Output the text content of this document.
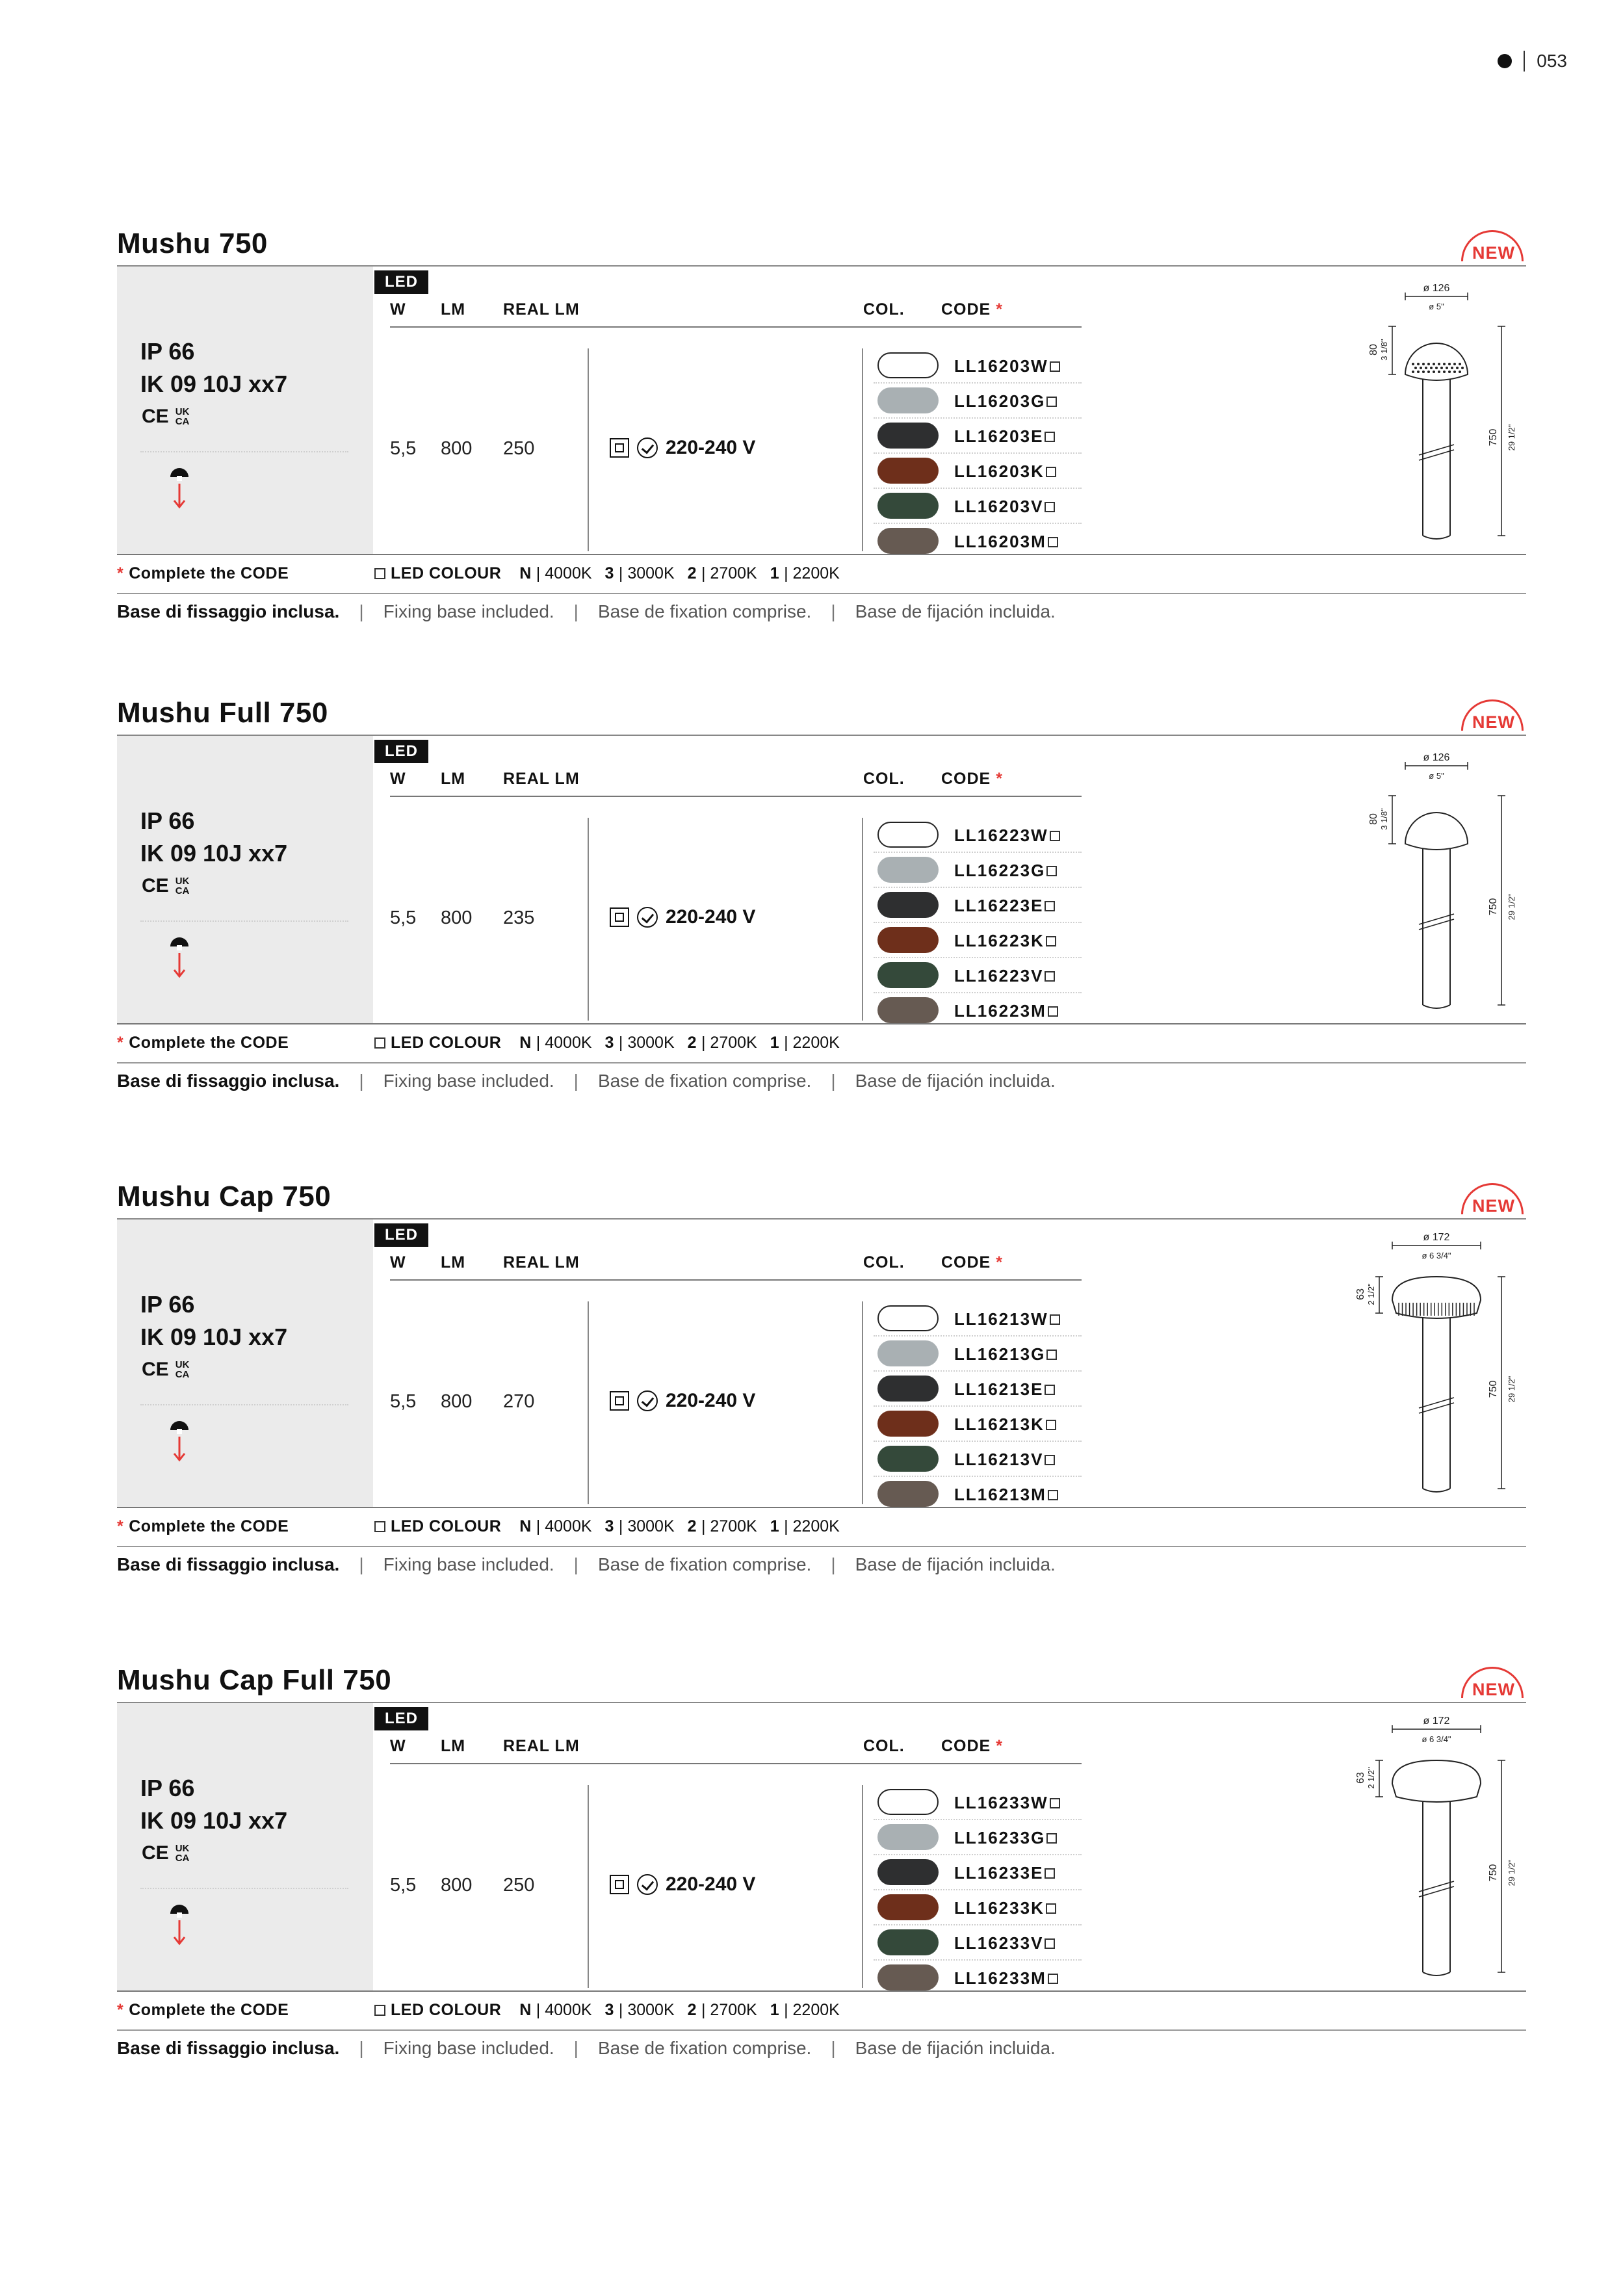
053
Mushu 750	NEW
IP 66
IK 09 10J xx7
CE UK
CA
LED
W LM REAL LM	COL. CODE *
5,5 800 250	220-240 V
LL16203W
LL16203G
LL16203E
LL16203K
LL16203V
LL16203M
ø 126
ø 5"
80 3 1/8"
750 29 1/2"
* Complete the CODE	LED COLOUR	N | 4000K 3 | 3000K 2 | 2700K 1 | 2200K
Base di fissaggio inclusa. | Fixing base included. | Base de fixation comprise. | Base de fijación incluida.
Mushu Full 750	NEW
IP 66
IK 09 10J xx7
CE UK
CA
LED
W LM REAL LM	COL. CODE *
5,5 800 235	220-240 V
LL16223W
LL16223G
LL16223E
LL16223K
LL16223V
LL16223M
ø 126
ø 5"
80 3 1/8"
750 29 1/2"
* Complete the CODE	LED COLOUR	N | 4000K 3 | 3000K 2 | 2700K 1 | 2200K
Base di fissaggio inclusa. | Fixing base included. | Base de fixation comprise. | Base de fijación incluida.
Mushu Cap 750	NEW
IP 66
IK 09 10J xx7
CE UK
CA
LED
W LM REAL LM	COL. CODE *
5,5 800 270	220-240 V
LL16213W
LL16213G
LL16213E
LL16213K
LL16213V
LL16213M
ø 172
ø 6 3/4"
63 2 1/2"
750 29 1/2"
* Complete the CODE	LED COLOUR	N | 4000K 3 | 3000K 2 | 2700K 1 | 2200K
Base di fissaggio inclusa. | Fixing base included. | Base de fixation comprise. | Base de fijación incluida.
Mushu Cap Full 750	NEW
IP 66
IK 09 10J xx7
CE UK
CA
LED
W LM REAL LM	COL. CODE *
5,5 800 250	220-240 V
LL16233W
LL16233G
LL16233E
LL16233K
LL16233V
LL16233M
ø 172
ø 6 3/4"
63 2 1/2"
750 29 1/2"
* Complete the CODE	LED COLOUR	N | 4000K 3 | 3000K 2 | 2700K 1 | 2200K
Base di fissaggio inclusa. | Fixing base included. | Base de fixation comprise. | Base de fijación incluida.
